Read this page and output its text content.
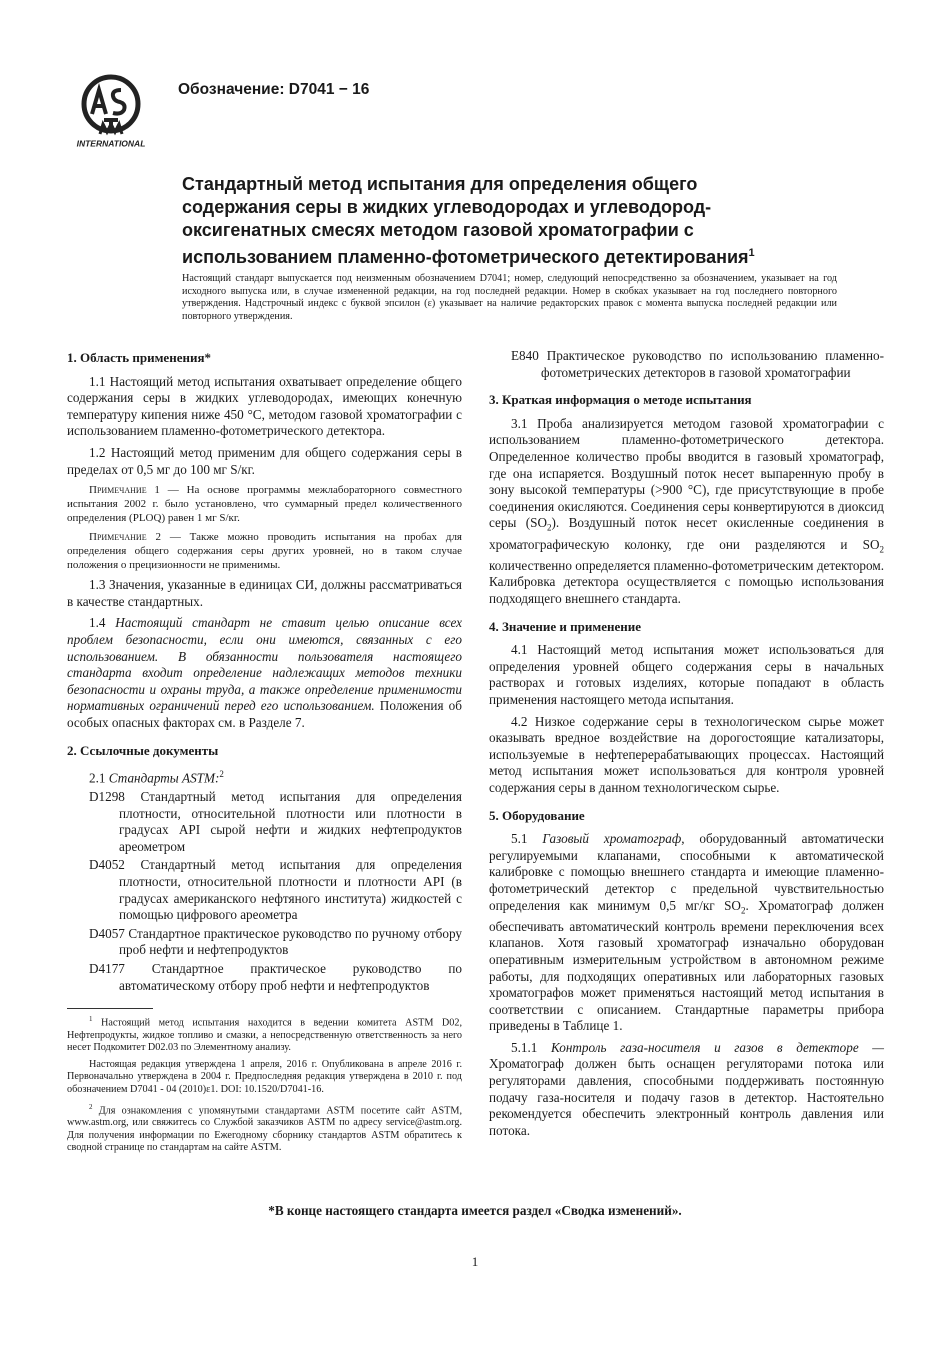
INTERNATIONAL
Обозначение: D7041 − 16
Стандартный метод испытания для определения общего
содержания серы в жидких углеводородах и углеводород-
оксигенатных смесях методом газовой хроматографии с
использованием пламенно-фотометрического детектирования$^1$
Настоящий стандарт выпускается под неизменным обозначением D7041; номер, следующий непосредственно за обозначением, указывает на год исходного выпуска или, в случае измененной редакции, на год последней редакции. Номер в скобках указывает на год последнего повторного утверждения. Надстрочный индекс с буквой эпсилон (ε) указывает на наличие редакторских правок с момента выпуска последней редакции или повторного утверждения.
1. Область применения*

1.1 Настоящий метод испытания охватывает определение общего содержания серы в жидких углеводородах, имеющих конечную температуру кипения ниже 450 °C, методом газовой хроматографии с использованием пламенно-фотометрического детектора.

1.2 Настоящий метод применим для общего содержания серы в пределах от 0,5 мг до 100 мг S/кг.

Примечание 1 — На основе программы межлабораторного совместного испытания 2002 г. было установлено, что суммарный предел количественного определения (PLOQ) равен 1 мг S/кг.

Примечание 2 — Также можно проводить испытания на пробах для определения общего содержания серы других уровней, но в таком случае положения о прецизионности не применимы.

1.3 Значения, указанные в единицах СИ, должны рассматриваться в качестве стандартных.

1.4 Настоящий стандарт не ставит целью описание всех проблем безопасности, если они имеются, связанных с его использованием. В обязанности пользователя настоящего стандарта входит определение надлежащих методов техники безопасности и охраны труда, а также определение применимости нормативных ограничений перед его использованием. Положения об особых опасных факторах см. в Разделе 7.

2. Ссылочные документы

2.1 Стандарты ASTM:$^2$

D1298 Стандартный метод испытания для определения плотности, относительной плотности или плотности в градусах API сырой нефти и жидких нефтепродуктов ареометром

D4052 Стандартный метод испытания для определения плотности, относительной плотности и плотности API (в градусах американского нефтяного института) жидкостей с помощью цифрового ареометра

D4057 Стандартное практическое руководство по ручному отбору проб нефти и нефтепродуктов

D4177 Стандартное практическое руководство по автоматическому отбору проб нефти и нефтепродуктов

$^1$ Настоящий метод испытания находится в ведении комитета ASTM D02, Нефтепродукты, жидкое топливо и смазки, а непосредственную ответственность за него несет Подкомитет D02.03 по Элементному анализу.

Настоящая редакция утверждена 1 апреля, 2016 г. Опубликована в апреле 2016 г. Первоначально утверждена в 2004 г. Предпоследняя редакция утверждена в 2010 г. под обозначением D7041 - 04 (2010)ε1. DOI: 10.1520/D7041-16.

$^2$ Для ознакомления с упомянутыми стандартами ASTM посетите сайт ASTM, www.astm.org, или свяжитесь со Службой заказчиков ASTM по адресу service@astm.org. Для получения информации по Ежегодному сборнику стандартов ASTM обратитесь к сводной странице по стандартам на сайте ASTM.

E840 Практическое руководство по использованию пламенно-фотометрических детекторов в газовой хроматографии

3. Краткая информация о методе испытания

3.1 Проба анализируется методом газовой хроматографии с использованием пламенно-фотометрического детектора. Определенное количество пробы вводится в газовый хроматограф, где она испаряется. Воздушный поток несет выпаренную пробу в зону высокой температуры (>900 °C), где присутствующие в пробе соединения окисляются. Соединения серы конвертируются в диоксид серы $(SO_2)$. Воздушный поток несет окисленные соединения в хроматографическую колонку, где они разделяются и $SO_2$ количественно определяется пламенно-фотометрическим детектором. Калибровка детектора осуществляется с помощью использования подходящего внешнего стандарта.

4. Значение и применение

4.1 Настоящий метод испытания может использоваться для определения уровней общего содержания серы в начальных растворах и готовых изделиях, которые попадают в область применения настоящего метода испытания.

4.2 Низкое содержание серы в технологическом сырье может оказывать вредное воздействие на дорогостоящие катализаторы, используемые в нефтеперерабатывающих процессах. Настоящий метод испытания может использоваться для контроля уровней содержания серы в данном технологическом сырье.

5. Оборудование

5.1 Газовый хроматограф, оборудованный автоматически регулируемыми клапанами, способными к автоматической калибровке с помощью внешнего стандарта и имеющие пламенно-фотометрический детектор с предельной чувствительностью определения как минимум 0,5 мг/кг $SO_2$. Хроматограф должен обеспечивать автоматический контроль времени переключения всех клапанов. Хотя газовый хроматограф изначально оборудован оперативным измерительным устройством в автономном режиме работы, для подходящих оперативных или лабораторных газовых хроматографов может применяться настоящий метод испытания в соответствии с описанием. Стандартные параметры прибора приведены в Таблице 1.

5.1.1 Контроль газа-носителя и газов в детекторе — Хроматограф должен быть оснащен регуляторами потока или регуляторами давления, способными поддерживать постоянную подачу газа-носителя и подачу газов в детектор. Настоятельно рекомендуется обеспечить электронный контроль давления или потока.

*В конце настоящего стандарта имеется раздел «Сводка изменений».
1
